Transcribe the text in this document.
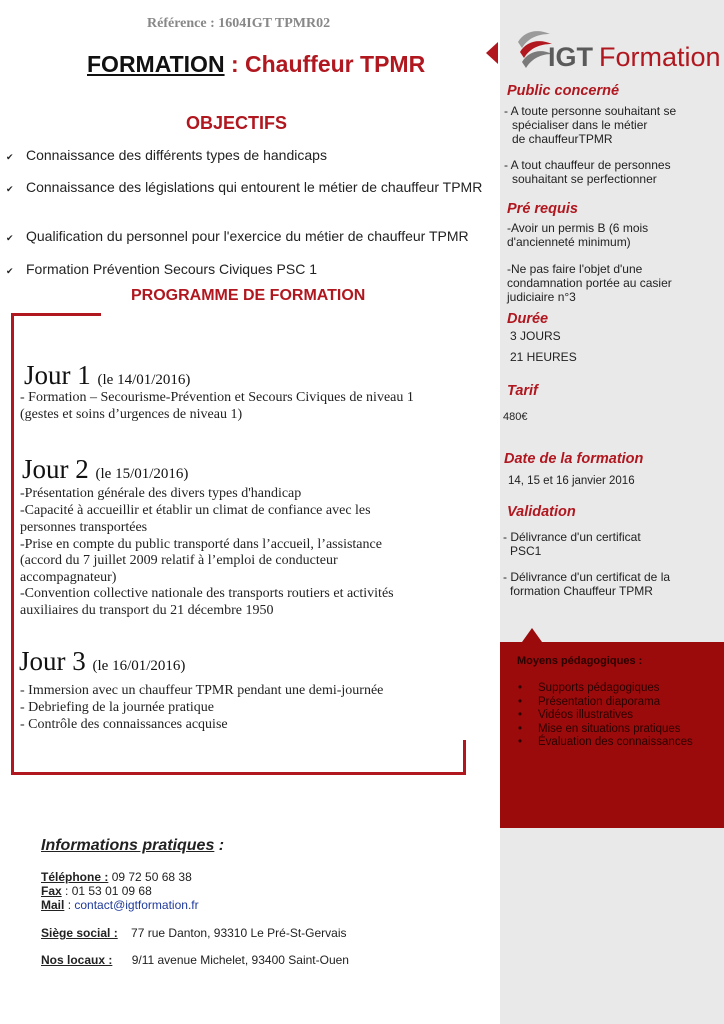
IGT Formation
Référence : 1604IGT TPMR02
FORMATION : Chauffeur TPMR
OBJECTIFS
✔ Connaissance des différents types de handicaps
✔ Connaissance des législations qui entourent le métier de chauffeur TPMR
✔ Qualification du personnel pour l'exercice du métier de chauffeur TPMR
✔ Formation Prévention Secours Civiques PSC 1
PROGRAMME DE FORMATION
Jour 1 (le 14/01/2016)
- Formation – Secourisme-Prévention et Secours Civiques de niveau 1
(gestes et soins d’urgences de niveau 1)
Jour 2 (le 15/01/2016)
-Présentation générale des divers types d'handicap
-Capacité à accueillir et établir un climat de confiance avec les
personnes transportées
-Prise en compte du public transporté dans l’accueil, l’assistance
(accord du 7 juillet 2009 relatif à l’emploi de conducteur
accompagnateur)
-Convention collective nationale des transports routiers et activités
auxiliaires du transport du 21 décembre 1950
Jour 3 (le 16/01/2016)
- Immersion avec un chauffeur TPMR pendant une demi-journée
- Debriefing de la journée pratique
- Contrôle des connaissances acquise
Public concerné
- A toute personne souhaitant se
spécialiser dans le métier
de chauffeurTPMR
- A tout chauffeur de personnes
souhaitant se perfectionner
Pré requis
-Avoir un permis B (6 mois
d'ancienneté minimum)
-Ne pas faire l'objet d'une
condamnation portée au casier
judiciaire n°3
Durée
3 JOURS
21 HEURES
Tarif
480€
Date de la formation
14, 15 et 16 janvier 2016
Validation
- Délivrance d'un certificat
PSC1
- Délivrance d'un certificat de la
formation Chauffeur TPMR
Moyens pédagogiques :
• Supports pédagogiques
• Présentation diaporama
• Vidéos illustratives
• Mise en situations pratiques
• Évaluation des connaissances
Informations pratiques :
Téléphone : 09 72 50 68 38
Fax : 01 53 01 09 68
Mail : contact@igtformation.fr
Siège social : 77 rue Danton, 93310 Le Pré-St-Gervais
Nos locaux : 9/11 avenue Michelet, 93400 Saint-Ouen
